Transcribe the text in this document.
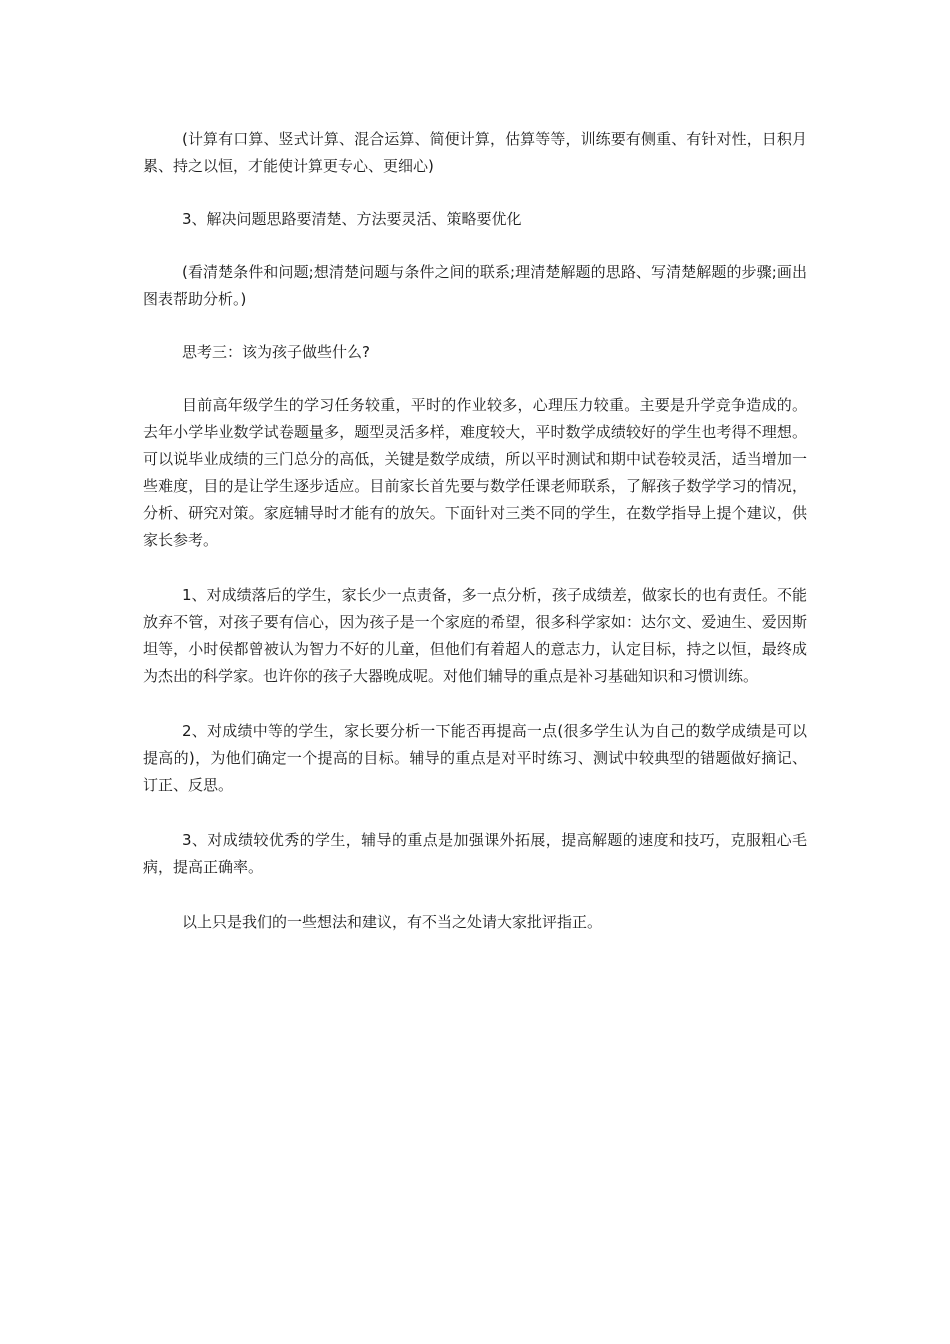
(计算有口算、竖式计算、混合运算、简便计算，估算等等，训练要有侧重、有针对性，日积月累、持之以恒，才能使计算更专心、更细心)

3、解决问题思路要清楚、方法要灵活、策略要优化

(看清楚条件和问题;想清楚问题与条件之间的联系;理清楚解题的思路、写清楚解题的步骤;画出图表帮助分析。)

思考三：该为孩子做些什么?

目前高年级学生的学习任务较重，平时的作业较多，心理压力较重。主要是升学竞争造成的。去年小学毕业数学试卷题量多，题型灵活多样，难度较大，平时数学成绩较好的学生也考得不理想。可以说毕业成绩的三门总分的高低，关键是数学成绩，所以平时测试和期中试卷较灵活，适当增加一些难度，目的是让学生逐步适应。目前家长首先要与数学任课老师联系，了解孩子数学学习的情况，分析、研究对策。家庭辅导时才能有的放矢。下面针对三类不同的学生，在数学指导上提个建议，供家长参考。

1、对成绩落后的学生，家长少一点责备，多一点分析，孩子成绩差，做家长的也有责任。不能放弃不管，对孩子要有信心，因为孩子是一个家庭的希望，很多科学家如：达尔文、爱迪生、爱因斯坦等，小时侯都曾被认为智力不好的儿童，但他们有着超人的意志力，认定目标，持之以恒，最终成为杰出的科学家。也许你的孩子大器晚成呢。对他们辅导的重点是补习基础知识和习惯训练。

2、对成绩中等的学生，家长要分析一下能否再提高一点(很多学生认为自己的数学成绩是可以提高的)，为他们确定一个提高的目标。辅导的重点是对平时练习、测试中较典型的错题做好摘记、订正、反思。

3、对成绩较优秀的学生，辅导的重点是加强课外拓展，提高解题的速度和技巧，克服粗心毛病，提高正确率。

以上只是我们的一些想法和建议，有不当之处请大家批评指正。
